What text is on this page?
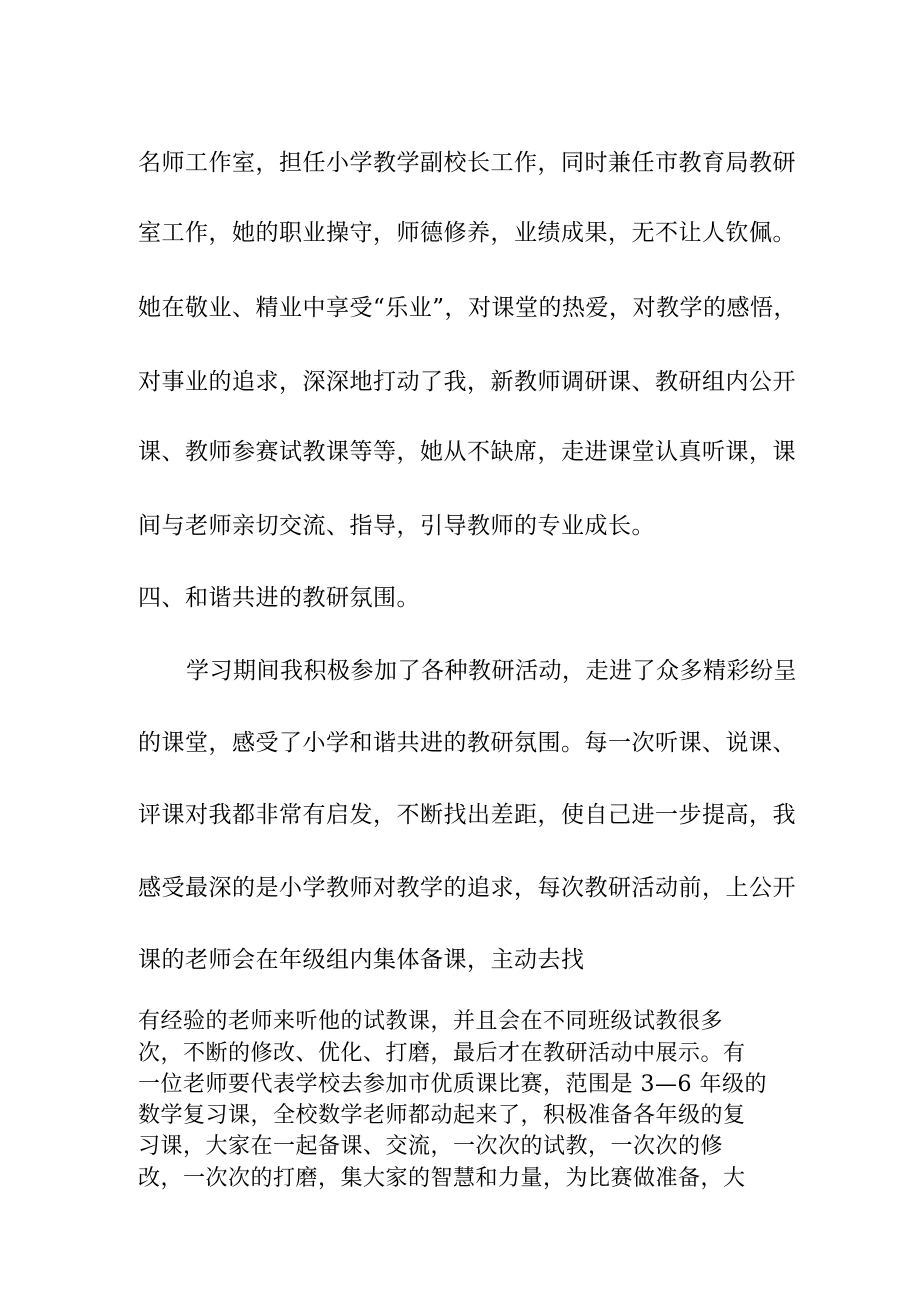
名师工作室，担任小学教学副校长工作，同时兼任市教育局教研
室工作，她的职业操守，师德修养，业绩成果，无不让人钦佩。
她在敬业、精业中享受“乐业”，对课堂的热爱，对教学的感悟，
对事业的追求，深深地打动了我，新教师调研课、教研组内公开
课、教师参赛试教课等等，她从不缺席，走进课堂认真听课，课
间与老师亲切交流、指导，引导教师的专业成长。
四、和谐共进的教研氛围。
学习期间我积极参加了各种教研活动，走进了众多精彩纷呈
的课堂，感受了小学和谐共进的教研氛围。每一次听课、说课、
评课对我都非常有启发，不断找出差距，使自己进一步提高，我
感受最深的是小学教师对教学的追求，每次教研活动前，上公开
课的老师会在年级组内集体备课，主动去找
有经验的老师来听他的试教课，并且会在不同班级试教很多
次，不断的修改、优化、打磨，最后才在教研活动中展示。有
一位老师要代表学校去参加市优质课比赛，范围是 3—6 年级的
数学复习课，全校数学老师都动起来了，积极准备各年级的复
习课，大家在一起备课、交流，一次次的试教，一次次的修
改，一次次的打磨，集大家的智慧和力量，为比赛做准备，大
